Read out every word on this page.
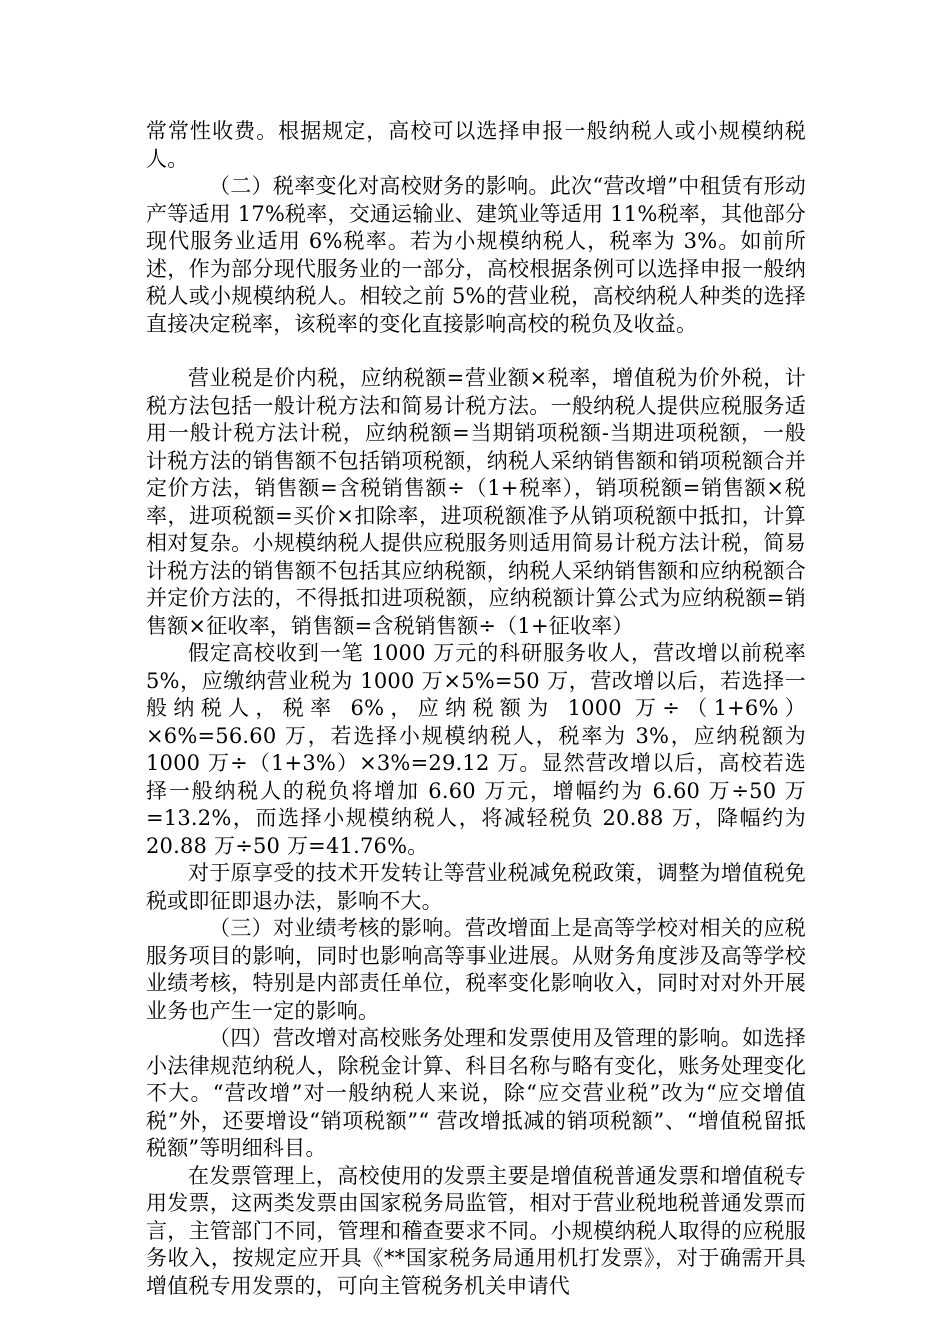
常常性收费。根据规定，高校可以选择申报一般纳税人或小规模纳税人。

（二）税率变化对高校财务的影响。此次“营改增”中租赁有形动产等适用 17%税率，交通运输业、建筑业等适用 11%税率，其他部分现代服务业适用 6%税率。若为小规模纳税人，税率为 3%。如前所述，作为部分现代服务业的一部分，高校根据条例可以选择申报一般纳税人或小规模纳税人。相较之前 5%的营业税，高校纳税人种类的选择直接决定税率，该税率的变化直接影响高校的税负及收益。

营业税是价内税，应纳税额=营业额×税率，增值税为价外税，计税方法包括一般计税方法和简易计税方法。一般纳税人提供应税服务适用一般计税方法计税，应纳税额=当期销项税额-当期进项税额，一般计税方法的销售额不包括销项税额，纳税人采纳销售额和销项税额合并定价方法，销售额=含税销售额÷（1+税率），销项税额=销售额×税率，进项税额=买价×扣除率，进项税额准予从销项税额中抵扣，计算相对复杂。小规模纳税人提供应税服务则适用简易计税方法计税，简易计税方法的销售额不包括其应纳税额，纳税人采纳销售额和应纳税额合并定价方法的，不得抵扣进项税额，应纳税额计算公式为应纳税额=销售额×征收率，销售额=含税销售额÷（1+征收率）

假定高校收到一笔 1000 万元的科研服务收人，营改增以前税率 5%，应缴纳营业税为 1000 万×5%=50 万，营改增以后，若选择一般纳税人，税率 6%，应纳税额为 1000 万÷（1+6%）×6%=56.60 万，若选择小规模纳税人，税率为 3%，应纳税额为 1000 万÷（1+3%）×3%=29.12 万。显然营改增以后，高校若选择一般纳税人的税负将增加 6.60 万元，增幅约为 6.60 万÷50 万=13.2%，而选择小规模纳税人，将减轻税负 20.88 万，降幅约为 20.88 万÷50 万=41.76%。

对于原享受的技术开发转让等营业税减免税政策，调整为增值税免税或即征即退办法，影响不大。

（三）对业绩考核的影响。营改增面上是高等学校对相关的应税服务项目的影响，同时也影响高等事业进展。从财务角度涉及高等学校业绩考核，特别是内部责任单位，税率变化影响收入，同时对对外开展业务也产生一定的影响。

（四）营改增对高校账务处理和发票使用及管理的影响。如选择小法律规范纳税人，除税金计算、科目名称与略有变化，账务处理变化不大。“营改增”对一般纳税人来说，除“应交营业税”改为“应交增值税”外，还要增设“销项税额”“ 营改增抵减的销项税额”、“增值税留抵税额”等明细科目。

在发票管理上，高校使用的发票主要是增值税普通发票和增值税专用发票，这两类发票由国家税务局监管，相对于营业税地税普通发票而言，主管部门不同，管理和稽查要求不同。小规模纳税人取得的应税服务收入，按规定应开具《**国家税务局通用机打发票》，对于确需开具增值税专用发票的，可向主管税务机关申请代
